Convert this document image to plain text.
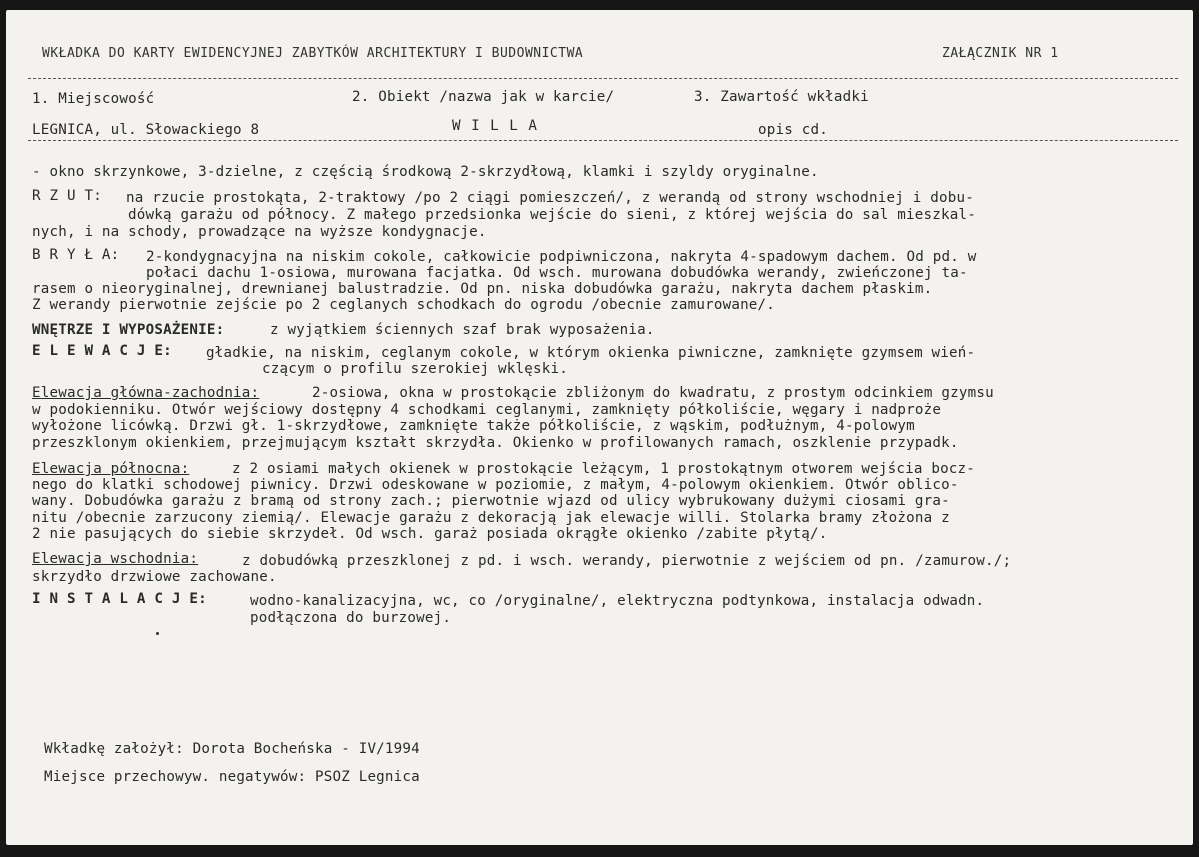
WKŁADKA DO KARTY EWIDENCYJNEJ ZABYTKÓW ARCHITEKTURY I BUDOWNICTWA	ZAŁĄCZNIK NR 1
1. Miejscowość	2. Obiekt /nazwa jak w karcie/	3. Zawartość wkładki
LEGNICA, ul. Słowackiego 8	W I L L A	opis cd.
- okno skrzynkowe, 3-dzielne, z częścią środkową 2-skrzydłową, klamki i szyldy oryginalne.
R Z U T: na rzucie prostokąta, 2-traktowy /po 2 ciągi pomieszczeń/, z werandą od strony wschodniej i dobu-
dówką garażu od północy. Z małego przedsionka wejście do sieni, z której wejścia do sal mieszkal-
nych, i na schody, prowadzące na wyższe kondygnacje.
B R Y Ł A: 2-kondygnacyjna na niskim cokole, całkowicie podpiwniczona, nakryta 4-spadowym dachem. Od pd. w
połaci dachu 1-osiowa, murowana facjatka. Od wsch. murowana dobudówka werandy, zwieńczonej ta-
rasem o nieoryginalnej, drewnianej balustradzie. Od pn. niska dobudówka garażu, nakryta dachem płaskim.
Z werandy pierwotnie zejście po 2 ceglanych schodkach do ogrodu /obecnie zamurowane/.
WNĘTRZE I WYPOSAŻENIE:	z wyjątkiem ściennych szaf brak wyposażenia.
E L E W A C J E: gładkie, na niskim, ceglanym cokole, w którym okienka piwniczne, zamknięte gzymsem wień-
czącym o profilu szerokiej wklęski.
Elewacja główna-zachodnia:	2-osiowa, okna w prostokącie zbliżonym do kwadratu, z prostym odcinkiem gzymsu
w podokienniku. Otwór wejściowy dostępny 4 schodkami ceglanymi, zamknięty półkoliście, węgary i nadproże
wyłożone licówką. Drzwi gł. 1-skrzydłowe, zamknięte także półkoliście, z wąskim, podłużnym, 4-polowym
przeszklonym okienkiem, przejmującym kształt skrzydła. Okienko w profilowanych ramach, oszklenie przypadk.
Elewacja północna:	z 2 osiami małych okienek w prostokącie leżącym, 1 prostokątnym otworem wejścia bocz-
nego do klatki schodowej piwnicy. Drzwi odeskowane w poziomie, z małym, 4-polowym okienkiem. Otwór oblico-
wany. Dobudówka garażu z bramą od strony zach.; pierwotnie wjazd od ulicy wybrukowany dużymi ciosami gra-
nitu /obecnie zarzucony ziemią/. Elewacje garażu z dekoracją jak elewacje willi. Stolarka bramy złożona z
2 nie pasujących do siebie skrzydeł. Od wsch. garaż posiada okrągłe okienko /zabite płytą/.
Elewacja wschodnia:	z dobudówką przeszklonej z pd. i wsch. werandy, pierwotnie z wejściem od pn. /zamurow./;
skrzydło drzwiowe zachowane.
I N S T A L A C J E:	wodno-kanalizacyjna, wc, co /oryginalne/, elektryczna podtynkowa, instalacja odwadn.
podłączona do burzowej.
Wkładkę założył: Dorota Bocheńska - IV/1994
Miejsce przechowyw. negatywów: PSOZ Legnica
